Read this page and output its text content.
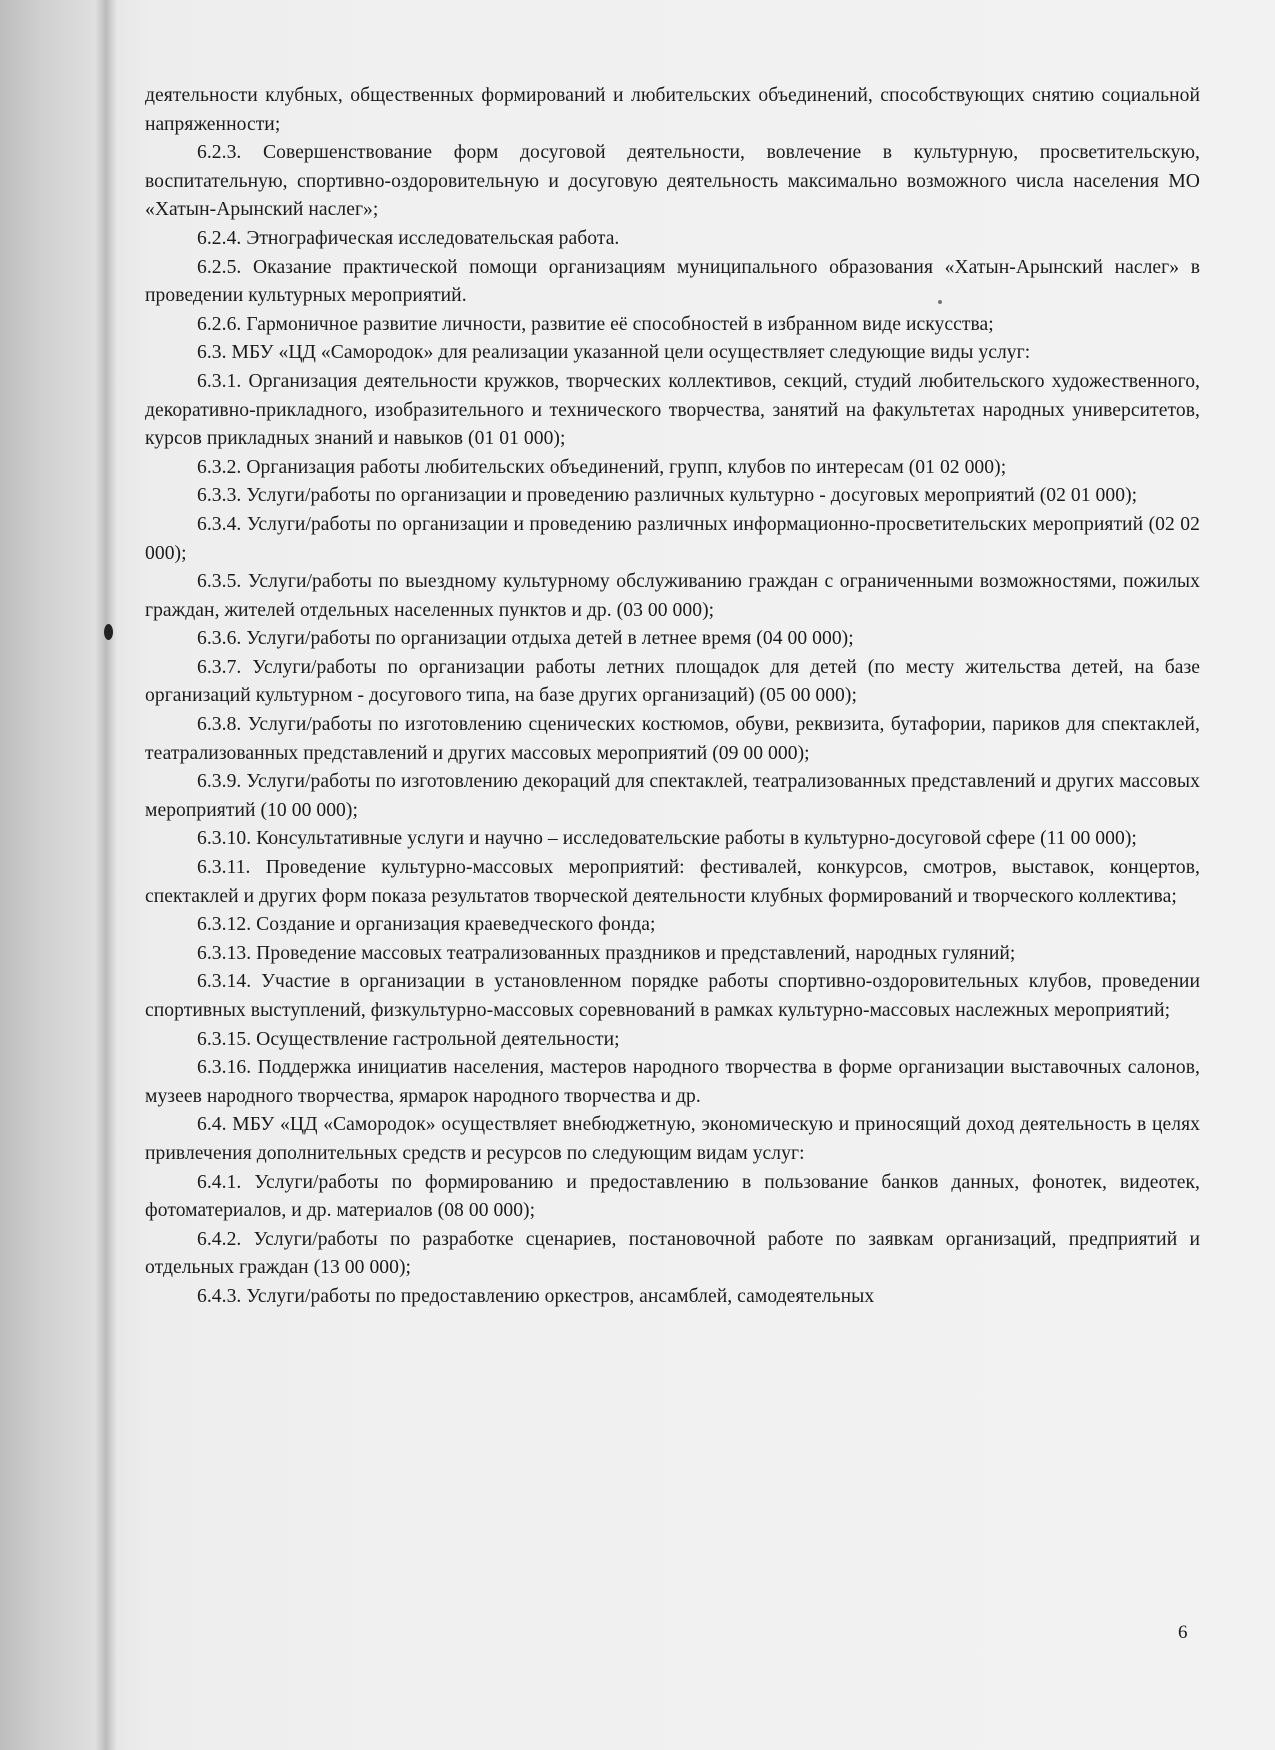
деятельности клубных, общественных формирований и любительских объединений, способствующих снятию социальной напряженности;

6.2.3. Совершенствование форм досуговой деятельности, вовлечение в культурную, просветительскую, воспитательную, спортивно-оздоровительную и досуговую деятельность максимально возможного числа населения МО «Хатын-Арынский наслег»;

6.2.4. Этнографическая исследовательская работа.

6.2.5. Оказание практической помощи организациям муниципального образования «Хатын-Арынский наслег» в проведении культурных мероприятий.

6.2.6. Гармоничное развитие личности, развитие её способностей в избранном виде искусства;

6.3. МБУ «ЦД «Самородок» для реализации указанной цели осуществляет следующие виды услуг:

6.3.1. Организация деятельности кружков, творческих коллективов, секций, студий любительского художественного, декоративно-прикладного, изобразительного и технического творчества, занятий на факультетах народных университетов, курсов прикладных знаний и навыков (01 01 000);

6.3.2. Организация работы любительских объединений, групп, клубов по интересам (01 02 000);

6.3.3. Услуги/работы по организации и проведению различных культурно - досуговых мероприятий (02 01 000);

6.3.4. Услуги/работы по организации и проведению различных информационно-просветительских мероприятий (02 02 000);

6.3.5. Услуги/работы по выездному культурному обслуживанию граждан с ограниченными возможностями, пожилых граждан, жителей отдельных населенных пунктов и др. (03 00 000);

6.3.6. Услуги/работы по организации отдыха детей в летнее время (04 00 000);

6.3.7. Услуги/работы по организации работы летних площадок для детей (по месту жительства детей, на базе организаций культурном - досугового типа, на базе других организаций) (05 00 000);

6.3.8. Услуги/работы по изготовлению сценических костюмов, обуви, реквизита, бутафории, париков для спектаклей, театрализованных представлений и других массовых мероприятий (09 00 000);

6.3.9. Услуги/работы по изготовлению декораций для спектаклей, театрализованных представлений и других массовых мероприятий (10 00 000);

6.3.10. Консультативные услуги и научно – исследовательские работы в культурно-досуговой сфере (11 00 000);

6.3.11. Проведение культурно-массовых мероприятий: фестивалей, конкурсов, смотров, выставок, концертов, спектаклей и других форм показа результатов творческой деятельности клубных формирований и творческого коллектива;

6.3.12. Создание и организация краеведческого фонда;

6.3.13. Проведение массовых театрализованных праздников и представлений, народных гуляний;

6.3.14. Участие в организации в установленном порядке работы спортивно-оздоровительных клубов, проведении спортивных выступлений, физкультурно-массовых соревнований в рамках культурно-массовых наслежных мероприятий;

6.3.15. Осуществление гастрольной деятельности;

6.3.16. Поддержка инициатив населения, мастеров народного творчества в форме организации выставочных салонов, музеев народного творчества, ярмарок народного творчества и др.

6.4. МБУ «ЦД «Самородок» осуществляет внебюджетную, экономическую и приносящий доход деятельность в целях привлечения дополнительных средств и ресурсов по следующим видам услуг:

6.4.1. Услуги/работы по формированию и предоставлению в пользование банков данных, фонотек, видеотек, фотоматериалов, и др. материалов (08 00 000);

6.4.2. Услуги/работы по разработке сценариев, постановочной работе по заявкам организаций, предприятий и отдельных граждан (13 00 000);

6.4.3. Услуги/работы по предоставлению оркестров, ансамблей, самодеятельных

6
